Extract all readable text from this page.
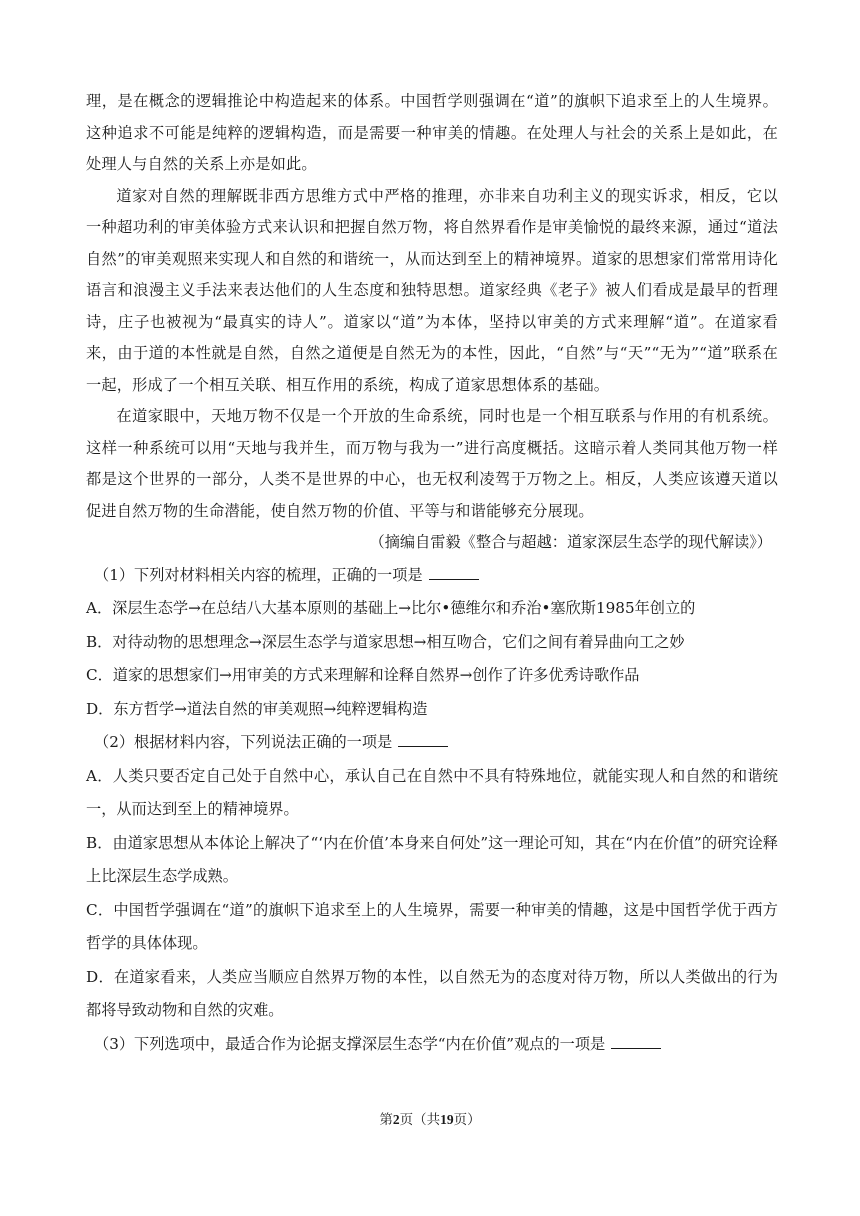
理，是在概念的逻辑推论中构造起来的体系。中国哲学则强调在“道”的旗帜下追求至上的人生境界。这种追求不可能是纯粹的逻辑构造，而是需要一种审美的情趣。在处理人与社会的关系上是如此，在处理人与自然的关系上亦是如此。

道家对自然的理解既非西方思维方式中严格的推理，亦非来自功利主义的现实诉求，相反，它以一种超功利的审美体验方式来认识和把握自然万物，将自然界看作是审美愉悦的最终来源，通过“道法自然”的审美观照来实现人和自然的和谐统一，从而达到至上的精神境界。道家的思想家们常常用诗化语言和浪漫主义手法来表达他们的人生态度和独特思想。道家经典《老子》被人们看成是最早的哲理诗，庄子也被视为“最真实的诗人”。道家以“道”为本体，坚持以审美的方式来理解“道”。在道家看来，由于道的本性就是自然，自然之道便是自然无为的本性，因此，“自然”与“天”“无为”“道”联系在一起，形成了一个相互关联、相互作用的系统，构成了道家思想体系的基础。

在道家眼中，天地万物不仅是一个开放的生命系统，同时也是一个相互联系与作用的有机系统。这样一种系统可以用“天地与我并生，而万物与我为一”进行高度概括。这暗示着人类同其他万物一样都是这个世界的一部分，人类不是世界的中心，也无权利凌驾于万物之上。相反，人类应该遵天道以促进自然万物的生命潜能，使自然万物的价值、平等与和谐能够充分展现。

（摘编自雷毅《整合与超越：道家深层生态学的现代解读》）

（1）下列对材料相关内容的梳理，正确的一项是

A．深层生态学→在总结八大基本原则的基础上→比尔•德维尔和乔治•塞欣斯1985年创立的

B．对待动物的思想理念→深层生态学与道家思想→相互吻合，它们之间有着异曲向工之妙

C．道家的思想家们→用审美的方式来理解和诠释自然界→创作了许多优秀诗歌作品

D．东方哲学→道法自然的审美观照→纯粹逻辑构造

（2）根据材料内容，下列说法正确的一项是

A．人类只要否定自己处于自然中心，承认自己在自然中不具有特殊地位，就能实现人和自然的和谐统一，从而达到至上的精神境界。

B．由道家思想从本体论上解决了“‘内在价值’本身来自何处”这一理论可知，其在“内在价值”的研究诠释上比深层生态学成熟。

C．中国哲学强调在“道”的旗帜下追求至上的人生境界，需要一种审美的情趣，这是中国哲学优于西方哲学的具体体现。

D．在道家看来，人类应当顺应自然界万物的本性，以自然无为的态度对待万物，所以人类做出的行为都将导致动物和自然的灾难。

（3）下列选项中，最适合作为论据支撑深层生态学“内在价值”观点的一项是

第2页（共19页）
